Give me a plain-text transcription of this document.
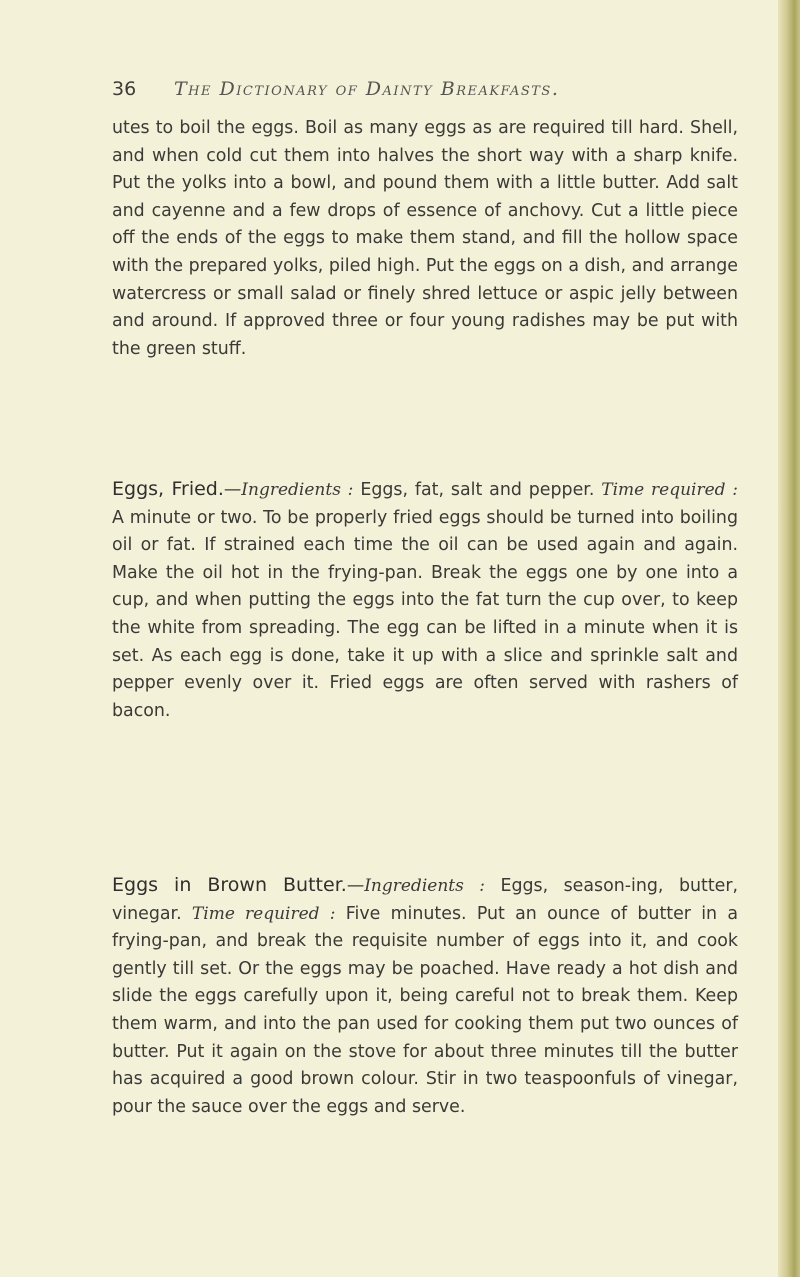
36 The Dictionary of Dainty Breakfasts.

utes to boil the eggs. Boil as many eggs as are required till hard. Shell, and when cold cut them into halves the short way with a sharp knife. Put the yolks into a bowl, and pound them with a little butter. Add salt and cayenne and a few drops of essence of anchovy. Cut a little piece off the ends of the eggs to make them stand, and fill the hollow space with the prepared yolks, piled high. Put the eggs on a dish, and arrange watercress or small salad or finely shred lettuce or aspic jelly between and around. If approved three or four young radishes may be put with the green stuff.

Eggs, Fried.—Ingredients : Eggs, fat, salt and pepper. Time required : A minute or two. To be properly fried eggs should be turned into boiling oil or fat. If strained each time the oil can be used again and again. Make the oil hot in the frying-pan. Break the eggs one by one into a cup, and when putting the eggs into the fat turn the cup over, to keep the white from spreading. The egg can be lifted in a minute when it is set. As each egg is done, take it up with a slice and sprinkle salt and pepper evenly over it. Fried eggs are often served with rashers of bacon.

Eggs in Brown Butter.—Ingredients : Eggs, season-ing, butter, vinegar. Time required : Five minutes. Put an ounce of butter in a frying-pan, and break the requisite number of eggs into it, and cook gently till set. Or the eggs may be poached. Have ready a hot dish and slide the eggs carefully upon it, being careful not to break them. Keep them warm, and into the pan used for cooking them put two ounces of butter. Put it again on the stove for about three minutes till the butter has acquired a good brown colour. Stir in two teaspoonfuls of vinegar, pour the sauce over the eggs and serve.
